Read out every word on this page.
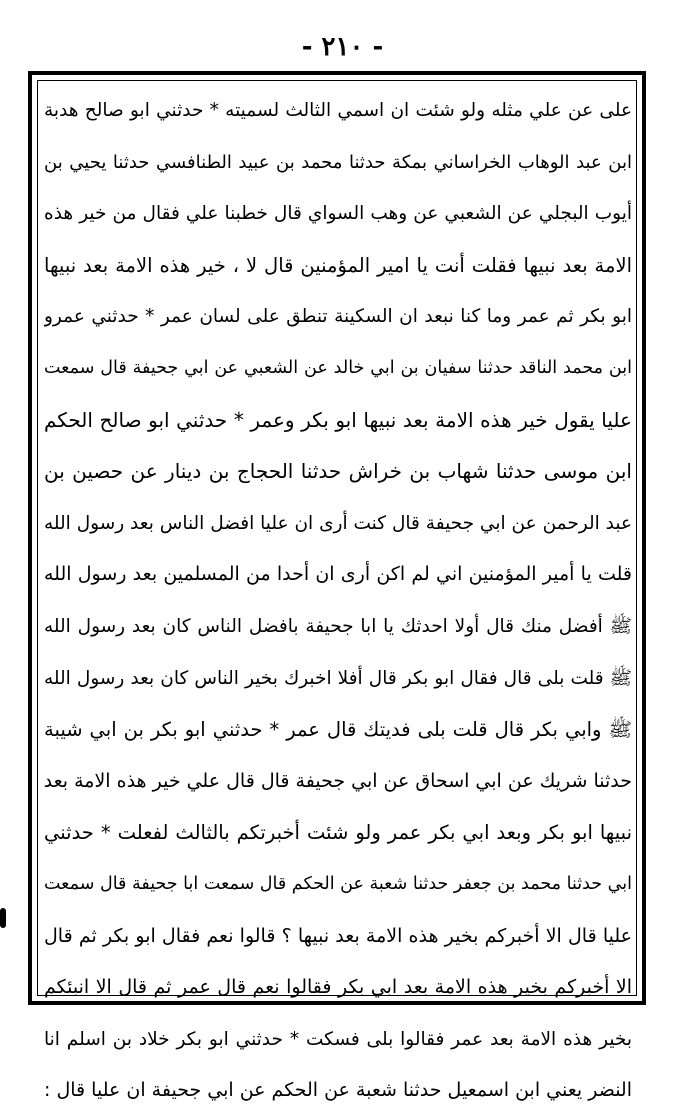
- ٢١٠ -
على عن علي مثله ولو شئت ان اسمي الثالث لسميته * حدثني ابو صالح هدبة
ابن عبد الوهاب الخراساني بمكة حدثنا محمد بن عبيد الطنافسي حدثنا يحيي بن
أيوب البجلي عن الشعبي عن وهب السواي قال خطبنا علي فقال من خير هذه
الامة بعد نبيها فقلت أنت يا امير المؤمنين قال لا ، خير هذه الامة بعد نبيها
ابو بكر ثم عمر وما كنا نبعد ان السكينة تنطق على لسان عمر * حدثني عمرو
ابن محمد الناقد حدثنا سفيان بن ابي خالد عن الشعبي عن ابي جحيفة قال سمعت
عليا يقول خير هذه الامة بعد نبيها ابو بكر وعمر * حدثني ابو صالح الحكم
ابن موسى حدثنا شهاب بن خراش حدثنا الحجاج بن دينار عن حصين بن
عبد الرحمن عن ابي جحيفة قال كنت أرى ان عليا افضل الناس بعد رسول الله
قلت يا أمير المؤمنين اني لم اكن أرى ان أحدا من المسلمين بعد رسول الله
ﷺ أفضل منك قال أولا احدثك يا ابا جحيفة بافضل الناس كان بعد رسول الله
ﷺ قلت بلى قال فقال ابو بكر قال أفلا اخبرك بخير الناس كان بعد رسول الله
ﷺ وابي بكر قال قلت بلى فديتك قال عمر * حدثني ابو بكر بن ابي شيبة
حدثنا شريك عن ابي اسحاق عن ابي جحيفة قال قال علي خير هذه الامة بعد
نبيها ابو بكر وبعد ابي بكر عمر ولو شئت أخبرتكم بالثالث لفعلت * حدثني
ابي حدثنا محمد بن جعفر حدثنا شعبة عن الحكم قال سمعت ابا جحيفة قال سمعت
عليا قال الا أخبركم بخير هذه الامة بعد نبيها ؟ قالوا نعم فقال ابو بكر ثم قال
الا أخبركم بخير هذه الامة بعد ابي بكر فقالوا نعم قال عمر ثم قال الا انبئكم
بخير هذه الامة بعد عمر فقالوا بلى فسكت * حدثني ابو بكر خلاد بن اسلم انا
النضر يعني ابن اسمعيل حدثنا شعبة عن الحكم عن ابي جحيفة ان عليا قال :
